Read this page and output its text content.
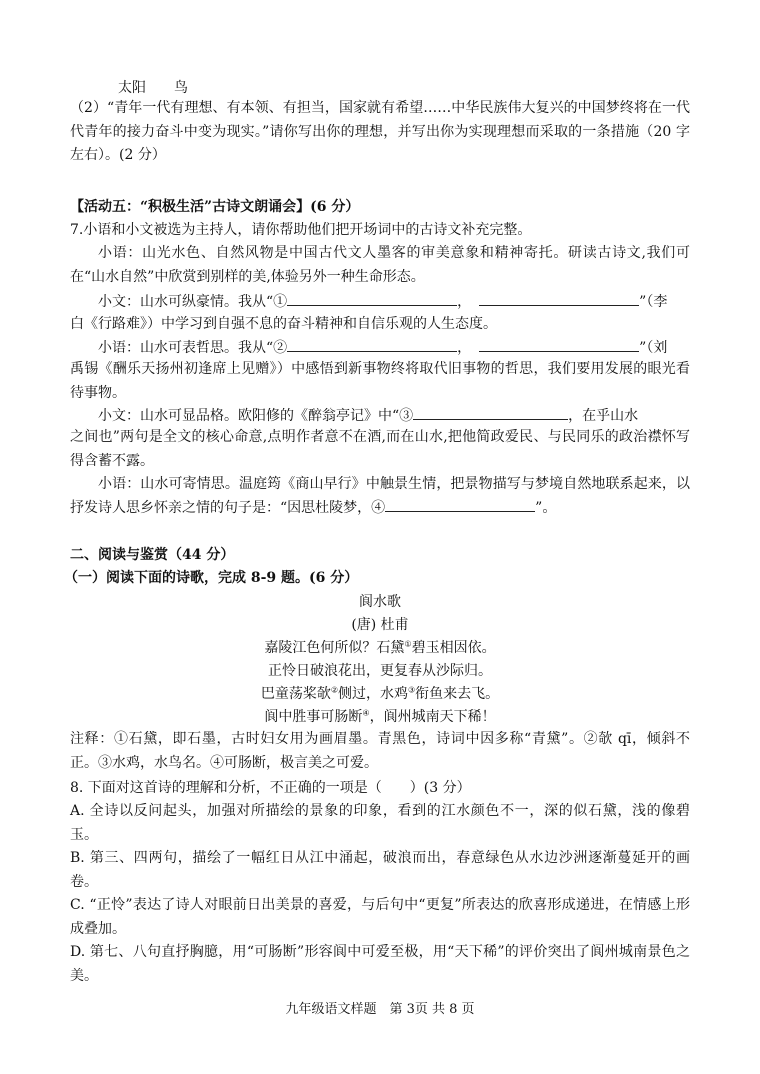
太阳　　鸟
（2）“青年一代有理想、有本领、有担当，国家就有希望……中华民族伟大复兴的中国梦终将在一代代青年的接力奋斗中变为现实。”请你写出你的理想，并写出你为实现理想而采取的一条措施（20 字左右）。(2 分）
【活动五：“积极生活”古诗文朗诵会】(6 分）
7.小语和小文被选为主持人，请你帮助他们把开场词中的古诗文补充完整。
小语：山光水色、自然风物是中国古代文人墨客的审美意象和精神寄托。研读古诗文,我们可在“山水自然”中欣赏到别样的美,体验另外一种生命形态。
小文：山水可纵豪情。我从“①	，	”（李
白《行路难》）中学习到自强不息的奋斗精神和自信乐观的人生态度。
小语：山水可表哲思。我从“②	，	”（刘
禹锡《酬乐天扬州初逢席上见赠》）中感悟到新事物终将取代旧事物的哲思，我们要用发展的眼光看待事物。
小文：山水可显品格。欧阳修的《醉翁亭记》中“③	，在乎山水
之间也”两句是全文的核心命意,点明作者意不在酒,而在山水,把他简政爱民、与民同乐的政治襟怀写得含蓄不露。
小语：山水可寄情思。温庭筠《商山早行》中触景生情，把景物描写与梦境自然地联系起来，以抒发诗人思乡怀亲之情的句子是：“因思杜陵梦，④	”。
二、阅读与鉴赏（44 分）
（一）阅读下面的诗歌，完成 8-9 题。(6 分）
阆水歌
(唐) 杜甫
嘉陵江色何所似？石黛①碧玉相因依。
正怜日破浪花出，更复春从沙际归。
巴童荡桨欹②侧过，水鸡③衔鱼来去飞。
阆中胜事可肠断④，阆州城南天下稀！
注释：①石黛，即石墨，古时妇女用为画眉墨。青黑色，诗词中因多称“青黛”。②欹 qī，倾斜不正。③水鸡，水鸟名。④可肠断，极言美之可爱。
8. 下面对这首诗的理解和分析，不正确的一项是（　　）(3 分）
A. 全诗以反问起头，加强对所描绘的景象的印象，看到的江水颜色不一，深的似石黛，浅的像碧玉。
B. 第三、四两句，描绘了一幅红日从江中涌起，破浪而出，春意绿色从水边沙洲逐渐蔓延开的画卷。
C. “正怜”表达了诗人对眼前日出美景的喜爱，与后句中“更复”所表达的欣喜形成递进，在情感上形成叠加。
D. 第七、八句直抒胸臆，用“可肠断”形容阆中可爱至极，用“天下稀”的评价突出了阆州城南景色之美。
九年级语文样题　第 3页 共 8 页
